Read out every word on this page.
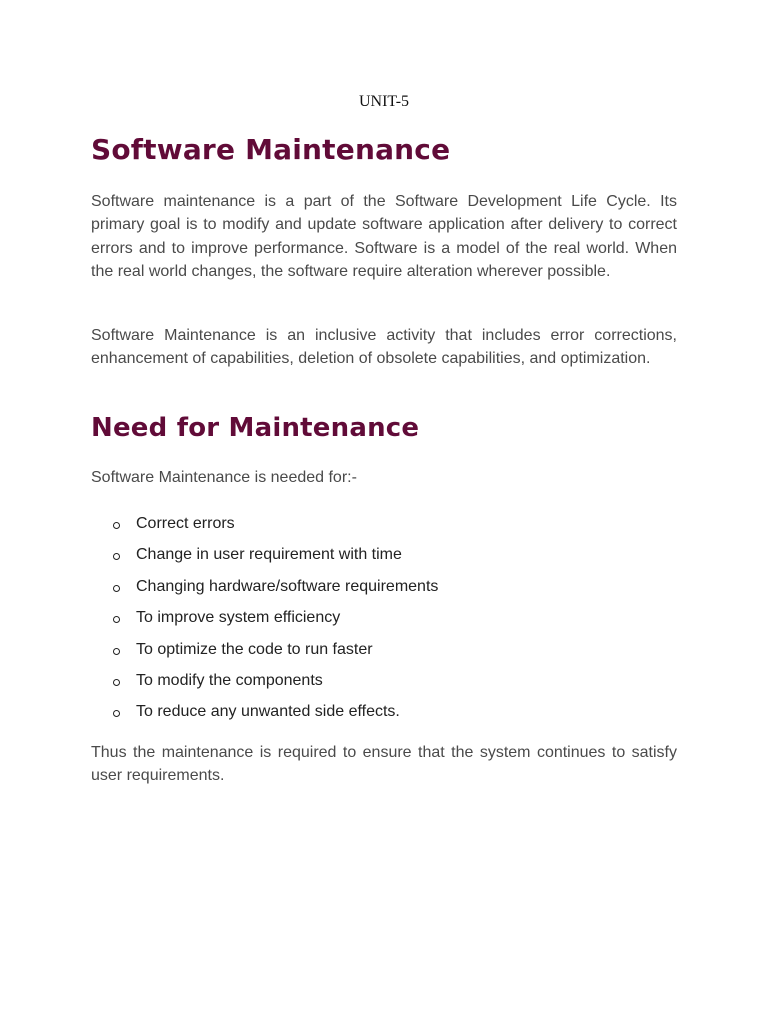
UNIT-5
Software Maintenance

Software maintenance is a part of the Software Development Life Cycle. Its primary goal is to modify and update software application after delivery to correct errors and to improve performance. Software is a model of the real world. When the real world changes, the software require alteration wherever possible.

Software Maintenance is an inclusive activity that includes error corrections, enhancement of capabilities, deletion of obsolete capabilities, and optimization.

Need for Maintenance

Software Maintenance is needed for:-

Correct errors
Change in user requirement with time
Changing hardware/software requirements
To improve system efficiency
To optimize the code to run faster
To modify the components
To reduce any unwanted side effects.

Thus the maintenance is required to ensure that the system continues to satisfy user requirements.
